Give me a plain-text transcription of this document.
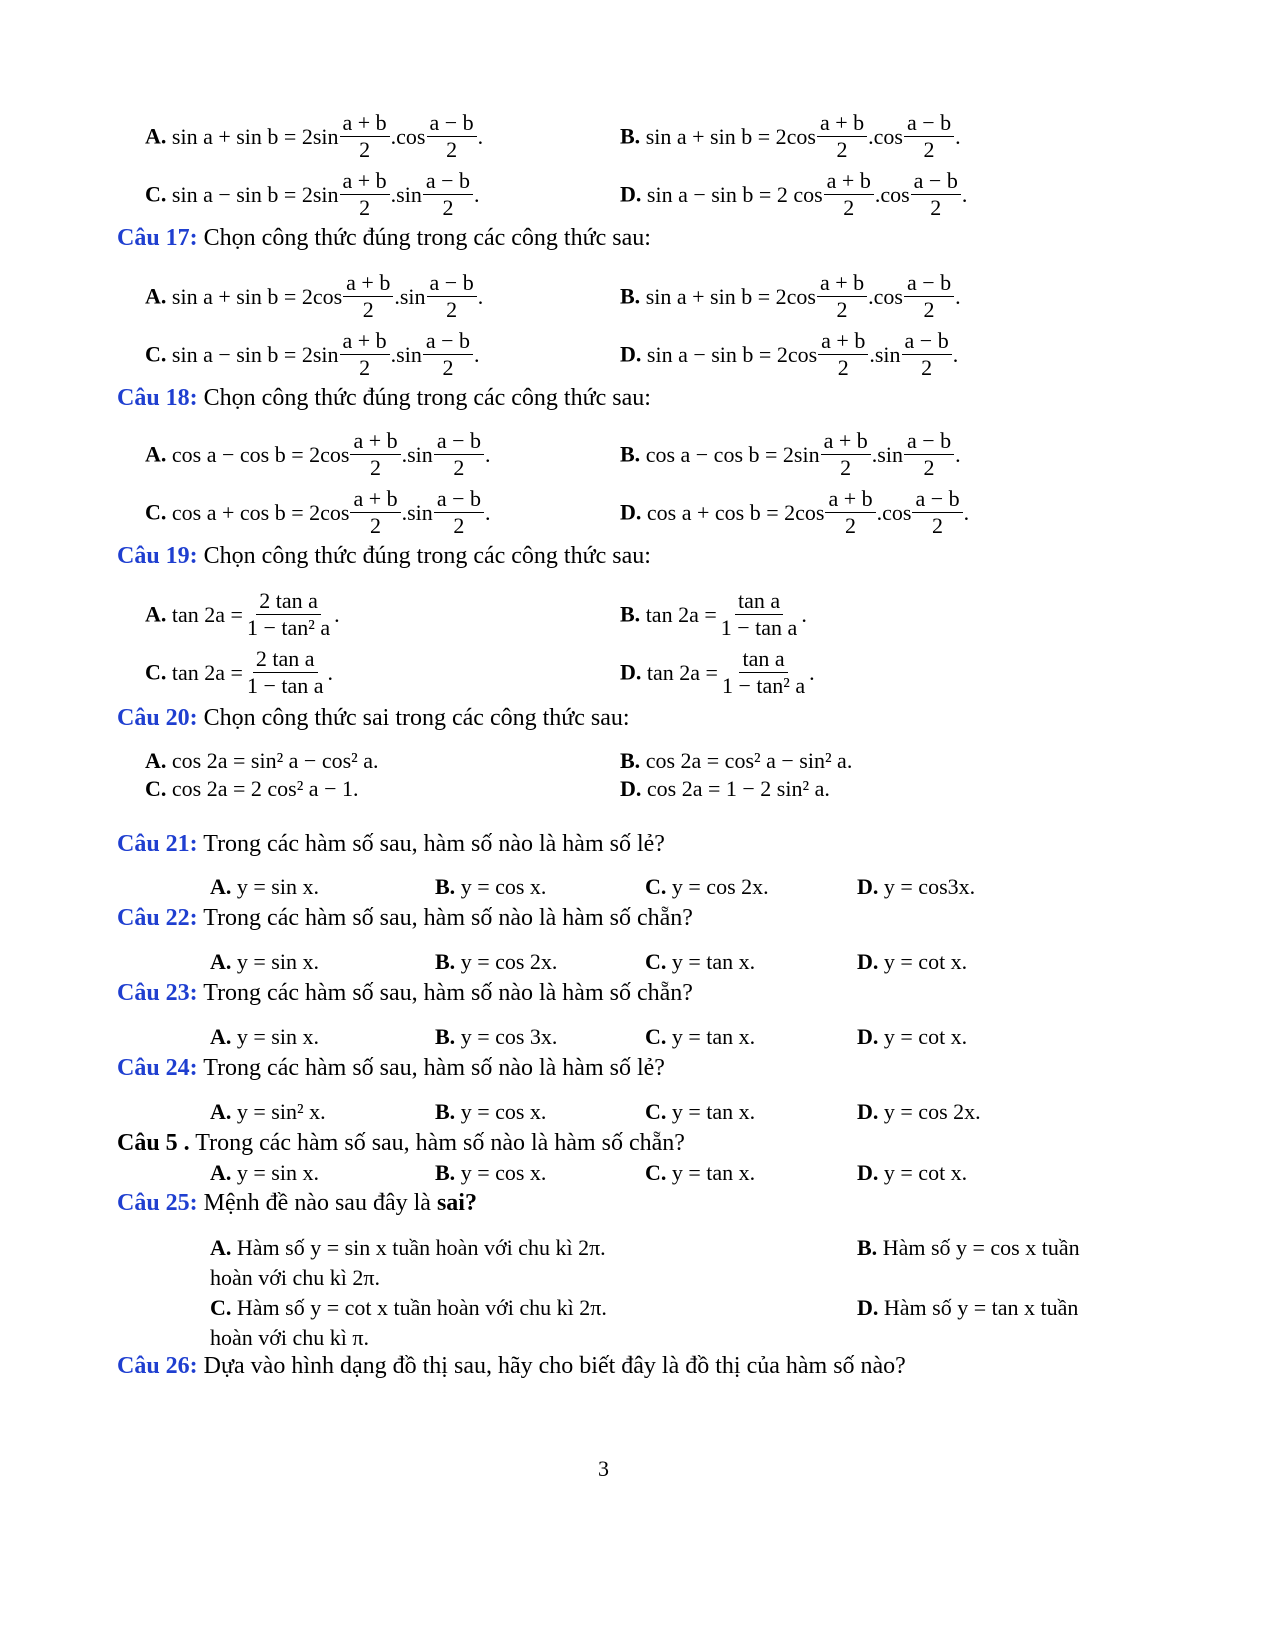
A. sin a + sin b = 2sin
a + b
2
.cos
a − b
2
.	B. sin a + sin b = 2cos
a + b
2
.cos
a − b
2
.
C. sin a − sin b = 2sin
a + b
2
.sin
a − b
2
.	D. sin a − sin b = 2 cos
a + b
2
.cos
a − b
2
.
Câu 17: Chọn công thức đúng trong các công thức sau:
A. sin a + sin b = 2cos
a + b
2
.sin
a − b
2
.	B. sin a + sin b = 2cos
a + b
2
.cos
a − b
2
.
C. sin a − sin b = 2sin
a + b
2
.sin
a − b
2
.	D. sin a − sin b = 2cos
a + b
2
.sin
a − b
2
.
Câu 18: Chọn công thức đúng trong các công thức sau:
A. cos a − cos b = 2cos
a + b
2
.sin
a − b
2
.	B. cos a − cos b = 2sin
a + b
2
.sin
a − b
2
.
C. cos a + cos b = 2cos
a + b
2
.sin
a − b
2
.	D. cos a + cos b = 2cos
a + b
2
.cos
a − b
2
.
Câu 19: Chọn công thức đúng trong các công thức sau:
A. $\tan 2a = \frac{\text{2 tan a}}{\text{1 − tan² a}}$ .	B. $\tan 2a = \frac{\text{tan a}}{\text{1 − tan a}}$ .
C. $\tan 2a = \frac{\text{2 tan a}}{\text{1 − tan a}}$ .	D. $\tan 2a = \frac{\text{tan a}}{\text{1 − tan² a}}$ .
Câu 20: Chọn công thức sai trong các công thức sau:
A. cos 2a = sin² a − cos² a.	B. cos 2a = cos² a − sin² a.
C. cos 2a = 2 cos² a − 1.	D. cos 2a = 1 − 2 sin² a.
Câu 21: Trong các hàm số sau, hàm số nào là hàm số lẻ?
A. y = sin x.	B. y = cos x.	C. y = cos 2x.	D. y = cos3x.
Câu 22: Trong các hàm số sau, hàm số nào là hàm số chẵn?
A. y = sin x.	B. y = cos 2x.	C. y = tan x.	D. y = cot x.
Câu 23: Trong các hàm số sau, hàm số nào là hàm số chẵn?
A. y = sin x.	B. y = cos 3x.	C. y = tan x.	D. y = cot x.
Câu 24: Trong các hàm số sau, hàm số nào là hàm số lẻ?
A. y = sin² x.	B. y = cos x.	C. y = tan x.	D. y = cos 2x.
Câu 5 . Trong các hàm số sau, hàm số nào là hàm số chẵn?
A. y = sin x.	B. y = cos x.	C. y = tan x.	D. y = cot x.
Câu 25: Mệnh đề nào sau đây là sai?
A. Hàm số y = sin x tuần hoàn với chu kì 2π.	B. Hàm số y = cos x tuần
hoàn với chu kì 2π.
C. Hàm số y = cot x tuần hoàn với chu kì 2π.	D. Hàm số y = tan x tuần
hoàn với chu kì π.
Câu 26: Dựa vào hình dạng đồ thị sau, hãy cho biết đây là đồ thị của hàm số nào?
3
